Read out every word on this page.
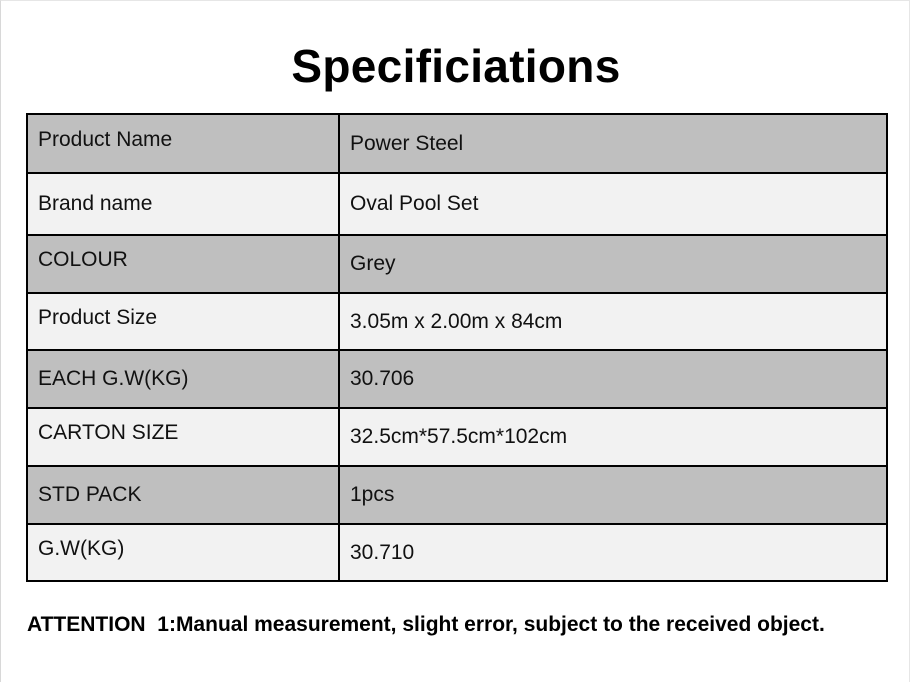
Specificiations
Product Name	Power Steel
Brand name	Oval Pool Set
COLOUR	Grey
Product Size	3.05m x 2.00m x 84cm
EACH G.W(KG)	30.706
CARTON SIZE	32.5cm*57.5cm*102cm
STD PACK	1pcs
G.W(KG)	30.710
ATTENTION  1:Manual measurement, slight error, subject to the received object.
